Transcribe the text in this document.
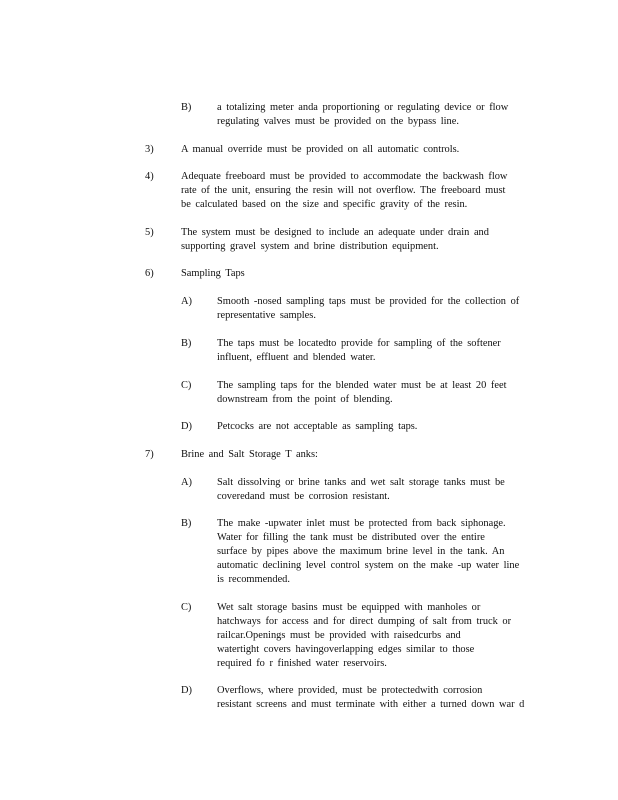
B)	a totalizing meter anda proportioning or regulating device or flow
regulating valves must be provided on the bypass line.
3)	A manual override must be provided on all automatic controls.
4)	Adequate freeboard must be provided to accommodate the backwash flow
rate of the unit, ensuring the resin will not overflow. The freeboard must
be calculated based on the size and specific gravity of the resin.
5)	The system must be designed to include an adequate under drain and
supporting gravel system and brine distribution equipment.
6)	Sampling Taps
A)	Smooth -nosed sampling taps must be provided for the collection of
representative samples.
B)	The taps must be locatedto provide for sampling of the softener
influent, effluent and blended water.
C)	The sampling taps for the blended water must be at least 20 feet
downstream from the point of blending.
D)	Petcocks are not acceptable as sampling taps.
7)	Brine and Salt Storage T anks:
A)	Salt dissolving or brine tanks and wet salt storage tanks must be
coveredand must be corrosion resistant.
B)	The make -upwater inlet must be protected from back siphonage.
Water for filling the tank must be distributed over the entire
surface by pipes above the maximum brine level in the tank. An
automatic declining level control system on the make -up water line
is recommended.
C)	Wet salt storage basins must be equipped with manholes or
hatchways for access and for direct dumping of salt from truck or
railcar.Openings must be provided with raisedcurbs and
watertight covers havingoverlapping edges similar to those
required fo r finished water reservoirs.
D)	Overflows, where provided, must be protectedwith corrosion
resistant screens and must terminate with either a turned down war d
